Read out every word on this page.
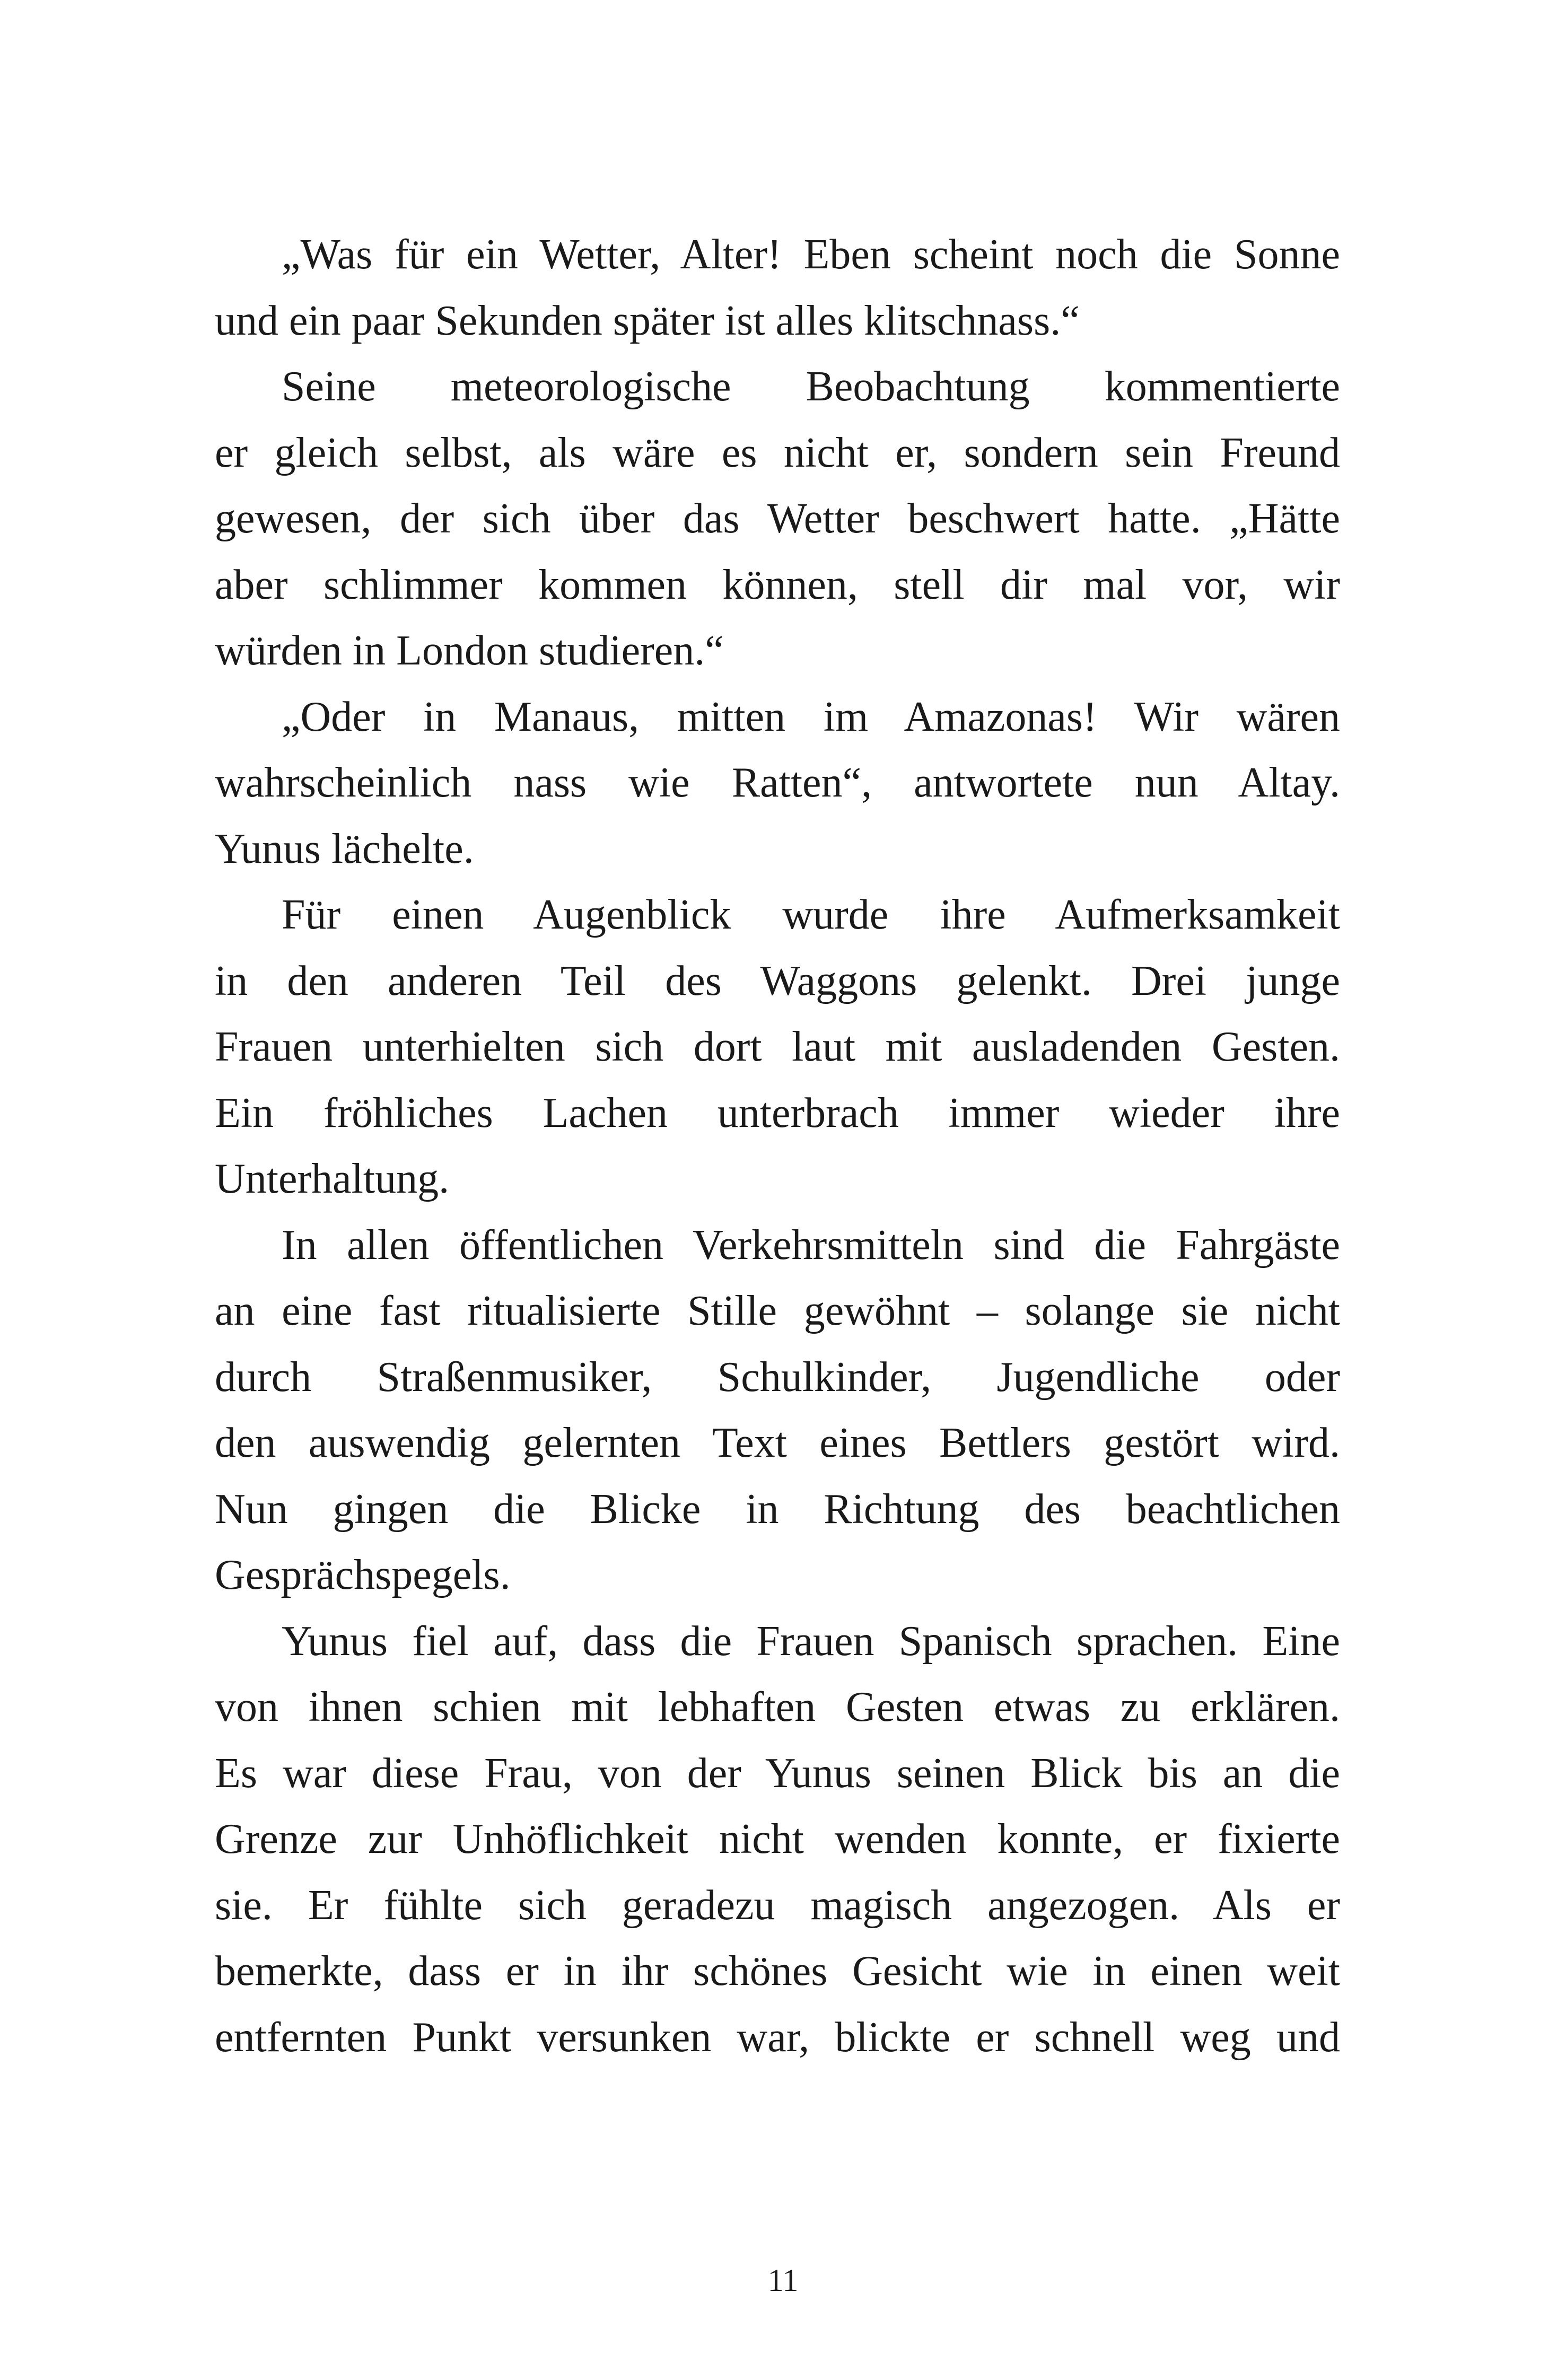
„Was für ein Wetter, Alter! Eben scheint noch die Sonne
und ein paar Sekunden später ist alles klitschnass.“
Seine meteorologische Beobachtung kommentierte
er gleich selbst, als wäre es nicht er, sondern sein Freund
gewesen, der sich über das Wetter beschwert hatte. „Hätte
aber schlimmer kommen können, stell dir mal vor, wir
würden in London studieren.“
„Oder in Manaus, mitten im Amazonas! Wir wären
wahrscheinlich nass wie Ratten“, antwortete nun Altay.
Yunus lächelte.
Für einen Augenblick wurde ihre Aufmerksamkeit
in den anderen Teil des Waggons gelenkt. Drei junge
Frauen unterhielten sich dort laut mit ausladenden Gesten.
Ein fröhliches Lachen unterbrach immer wieder ihre
Unterhaltung.
In allen öffentlichen Verkehrsmitteln sind die Fahrgäste
an eine fast ritualisierte Stille gewöhnt – solange sie nicht
durch Straßenmusiker, Schulkinder, Jugendliche oder
den auswendig gelernten Text eines Bettlers gestört wird.
Nun gingen die Blicke in Richtung des beachtlichen
Gesprächspegels.
Yunus fiel auf, dass die Frauen Spanisch sprachen. Eine
von ihnen schien mit lebhaften Gesten etwas zu erklären.
Es war diese Frau, von der Yunus seinen Blick bis an die
Grenze zur Unhöflichkeit nicht wenden konnte, er fixierte
sie. Er fühlte sich geradezu magisch angezogen. Als er
bemerkte, dass er in ihr schönes Gesicht wie in einen weit
entfernten Punkt versunken war, blickte er schnell weg und
11
